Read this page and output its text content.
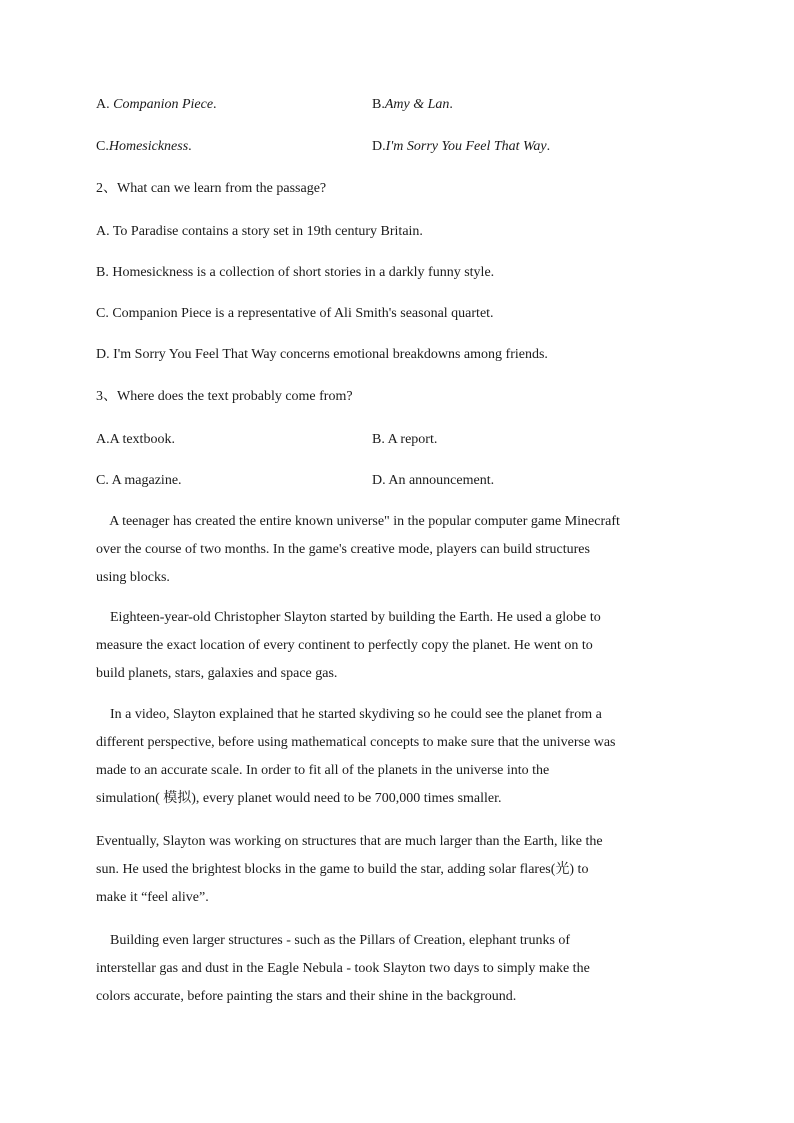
A. Companion Piece.	B.Amy & Lan.
C.Homesickness.	D.I'm Sorry You Feel That Way.
2、What can we learn from the passage?
A. To Paradise contains a story set in 19th century Britain.
B. Homesickness is a collection of short stories in a darkly funny style.
C. Companion Piece is a representative of Ali Smith's seasonal quartet.
D. I'm Sorry You Feel That Way concerns emotional breakdowns among friends.
3、Where does the text probably come from?
A.A textbook.	B. A report.
C. A magazine.	D. An announcement.
A teenager has created the entire known universe" in the popular computer game Minecraft
over the course of two months. In the game's creative mode, players can build structures
using blocks.
Eighteen-year-old Christopher Slayton started by building the Earth. He used a globe to
measure the exact location of every continent to perfectly copy the planet. He went on to
build planets, stars, galaxies and space gas.
In a video, Slayton explained that he started skydiving so he could see the planet from a
different perspective, before using mathematical concepts to make sure that the universe was
made to an accurate scale. In order to fit all of the planets in the universe into the
simulation( 模拟), every planet would need to be 700,000 times smaller.
Eventually, Slayton was working on structures that are much larger than the Earth, like the
sun. He used the brightest blocks in the game to build the star, adding solar flares(光) to
make it “feel alive”.
Building even larger structures - such as the Pillars of Creation, elephant trunks of
interstellar gas and dust in the Eagle Nebula - took Slayton two days to simply make the
colors accurate, before painting the stars and their shine in the background.
